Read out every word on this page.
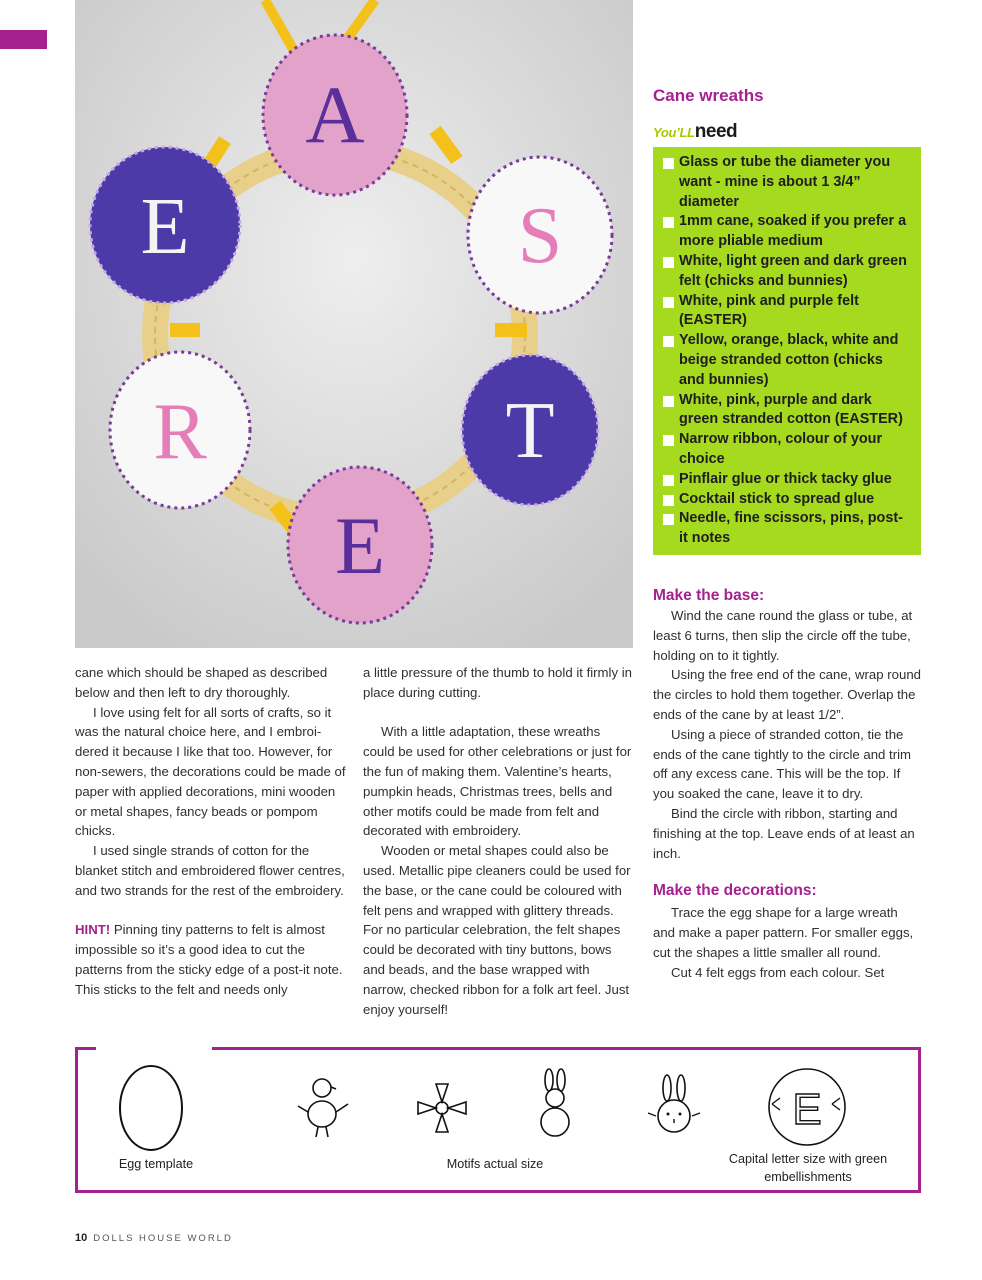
A
S
T
E
R
E
Cane wreaths
You’LLneed
Glass or tube the diameter you want - mine is about 1 3/4” diameter
1mm cane, soaked if you prefer a more pliable medium
White, light green and dark green felt (chicks and bunnies)
White, pink and purple felt (EASTER)
Yellow, orange, black, white and beige stranded cotton (chicks and bunnies)
White, pink, purple and dark green stranded cotton (EASTER)
Narrow ribbon, colour of your choice
Pinflair glue or thick tacky glue
Cocktail stick to spread glue
Needle, fine scissors, pins, post-it notes

cane which should be shaped as described below and then left to dry thoroughly.

I love using felt for all sorts of crafts, so it was the natural choice here, and I embroidered it because I like that too. However, for non-sewers, the decorations could be made of paper with applied decorations, mini wooden or metal shapes, fancy beads or pompom chicks.

I used single strands of cotton for the blanket stitch and embroidered flower centres, and two strands for the rest of the embroidery.

HINT! Pinning tiny patterns to felt is almost impossible so it’s a good idea to cut the patterns from the sticky edge of a post-it note. This sticks to the felt and needs only

a little pressure of the thumb to hold it firmly in place during cutting.

With a little adaptation, these wreaths could be used for other celebrations or just for the fun of making them. Valentine’s hearts, pumpkin heads, Christmas trees, bells and other motifs could be made from felt and decorated with embroidery.

Wooden or metal shapes could also be used. Metallic pipe cleaners could be used for the base, or the cane could be coloured with felt pens and wrapped with glittery threads. For no particular celebration, the felt shapes could be decorated with tiny buttons, bows and beads, and the base wrapped with narrow, checked ribbon for a folk art feel. Just enjoy yourself!

Make the base:

Wind the cane round the glass or tube, at least 6 turns, then slip the circle off the tube, holding on to it tightly.

Using the free end of the cane, wrap round the circles to hold them together. Overlap the ends of the cane by at least 1/2”.

Using a piece of stranded cotton, tie the ends of the cane tightly to the circle and trim off any excess cane. This will be the top. If you soaked the cane, leave it to dry.

Bind the circle with ribbon, starting and finishing at the top. Leave ends of at least an inch.

Make the decorations:

Trace the egg shape for a large wreath and make a paper pattern. For smaller eggs, cut the shapes a little smaller all round.

Cut 4 felt eggs from each colour. Set

Egg template	Motifs actual size
E
Capital letter size with green embellishments
10 DOLLS HOUSE WORLD
